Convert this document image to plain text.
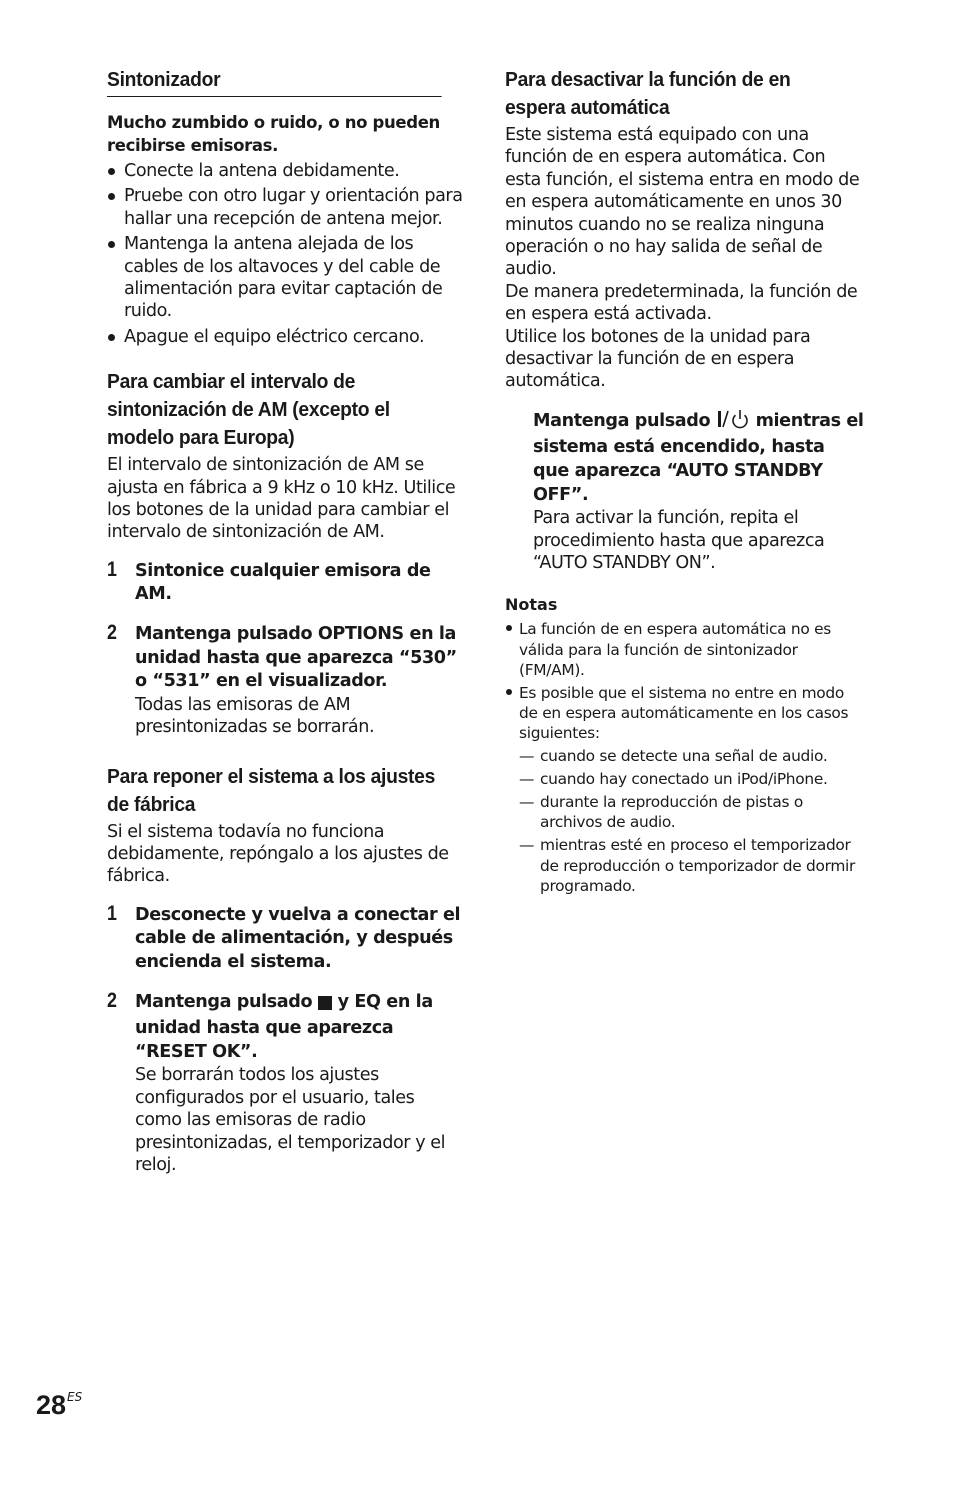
Sintonizador

Mucho zumbido o ruido, o no pueden recibirse emisoras.

Conecte la antena debidamente.
Pruebe con otro lugar y orientación para hallar una recepción de antena mejor.
Mantenga la antena alejada de los cables de los altavoces y del cable de alimentación para evitar captación de ruido.
Apague el equipo eléctrico cercano.
Para cambiar el intervalo de
sintonización de AM (excepto el
modelo para Europa)

El intervalo de sintonización de AM se ajusta en fábrica a 9 kHz o 10 kHz. Utilice los botones de la unidad para cambiar el intervalo de sintonización de AM.

1 Sintonice cualquier emisora de AM.

2 Mantenga pulsado OPTIONS en la unidad hasta que aparezca “530” o “531” en el visualizador.

Todas las emisoras de AM presintonizadas se borrarán.

Para reponer el sistema a los ajustes
de fábrica

Si el sistema todavía no funciona debidamente, repóngalo a los ajustes de fábrica.

1 Desconecte y vuelva a conectar el cable de alimentación, y después encienda el sistema.

2 Mantenga pulsado y EQ en la unidad hasta que aparezca “RESET OK”.

Se borrarán todos los ajustes configurados por el usuario, tales como las emisoras de radio presintonizadas, el temporizador y el reloj.

Para desactivar la función de en
espera automática

Este sistema está equipado con una función de en espera automática. Con esta función, el sistema entra en modo de en espera automáticamente en unos 30 minutos cuando no se realiza ninguna operación o no hay salida de señal de audio.

De manera predeterminada, la función de en espera está activada.

Utilice los botones de la unidad para desactivar la función de en espera automática.

Mantenga pulsado	mientras el sistema está encendido, hasta que aparezca “AUTO STANDBY OFF”.

Para activar la función, repita el procedimiento hasta que aparezca “AUTO STANDBY ON”.

Notas

La función de en espera automática no es válida para la función de sintonizador (FM/AM).
Es posible que el sistema no entre en modo de en espera automáticamente en los casos siguientes:
— cuando se detecte una señal de audio.
— cuando hay conectado un iPod/iPhone.
— durante la reproducción de pistas o archivos de audio.
— mientras esté en proceso el temporizador de reproducción o temporizador de dormir programado.
$28^{ES}$
